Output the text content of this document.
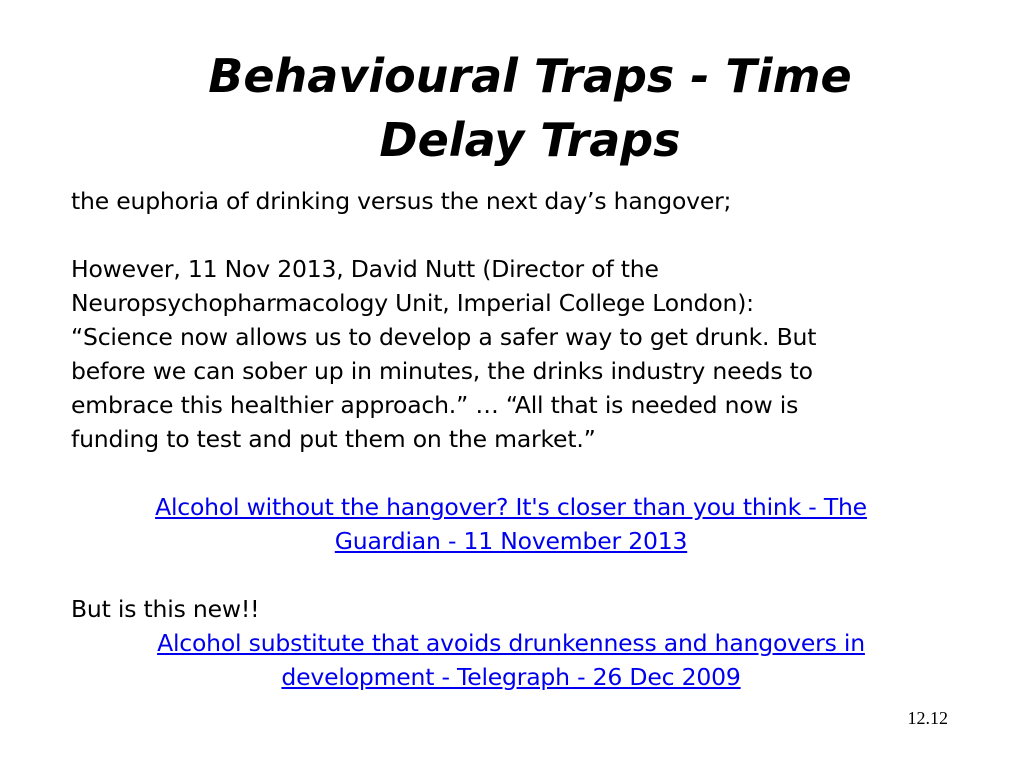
Behavioural Traps - Time
Delay Traps
the euphoria of drinking versus the next day’s hangover;
However, 11 Nov 2013, David Nutt (Director of the
Neuropsychopharmacology Unit, Imperial College London):
“Science now allows us to develop a safer way to get drunk. But
before we can sober up in minutes, the drinks industry needs to
embrace this healthier approach.” … “All that is needed now is
funding to test and put them on the market.”
Alcohol without the hangover? It's closer than you think - The
Guardian - 11 November 2013
But is this new!!
Alcohol substitute that avoids drunkenness and hangovers in
development - Telegraph - 26 Dec 2009
12.12
